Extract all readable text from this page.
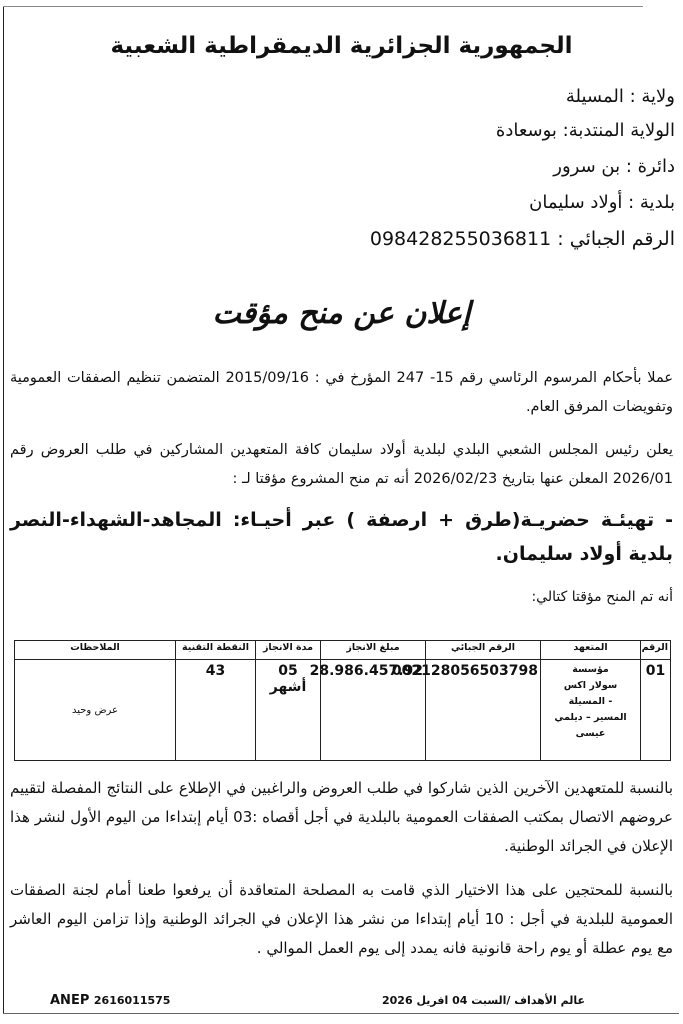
الجمهورية الجزائرية الديمقراطية الشعبية
ولاية : المسيلة
الولاية المنتدبة: بوسعادة
دائرة : بن سرور
بلدية : أولاد سليمان
الرقم الجبائي : 098428255036811
إعلان عن منح مؤقت
عملا بأحكام المرسوم الرئاسي رقم 15- 247 المؤرخ في : 2015/09/16 المتضمن تنظيم الصفقات العمومية وتفويضات المرفق العام.
يعلن رئيس المجلس الشعبي البلدي لبلدية أولاد سليمان كافة المتعهدين المشاركين في طلب العروض رقم 2026/01 المعلن عنها بتاريخ 2026/02/23 أنه تم منح المشروع مؤقتا لـ :
- تهيئـة حضريـة(طرق + ارصفة ) عبر أحيـاء: المجاهد-الشهداء-النصر بلدية أولاد سليمان.
أنه تم المنح مؤقتا كتالي:
الرقم	المتعهد	الرقم الجبائي	مبلغ الانجاز	مدة الانجاز	النقطة التقنية	الملاحظات
01	مؤسسة
سولار اكس
- المسيلة
المسير – ديلمي عيسى	002128056503798	28.986.457.92	05 أشهر	43	عرض وحيد
بالنسبة للمتعهدين الآخرين الذين شاركوا في طلب العروض والراغبين في الإطلاع على النتائج المفصلة لتقييم عروضهم الاتصال بمكتب الصفقات العمومية بالبلدية في أجل أقصاه :03 أيام إبتداءا من اليوم الأول لنشر هذا الإعلان في الجرائد الوطنية.
بالنسبة للمحتجين على هذا الاختيار الذي قامت به المصلحة المتعاقدة أن يرفعوا طعنا أمام لجنة الصفقات العمومية للبلدية في أجل : 10 أيام إبتداءا من نشر هذا الإعلان في الجرائد الوطنية وإذا تزامن اليوم العاشر مع يوم عطلة أو يوم راحة قانونية فانه يمدد إلى يوم العمل الموالي .
ANEP 2616011575	عالم الأهداف /السبت 04 افريل 2026
